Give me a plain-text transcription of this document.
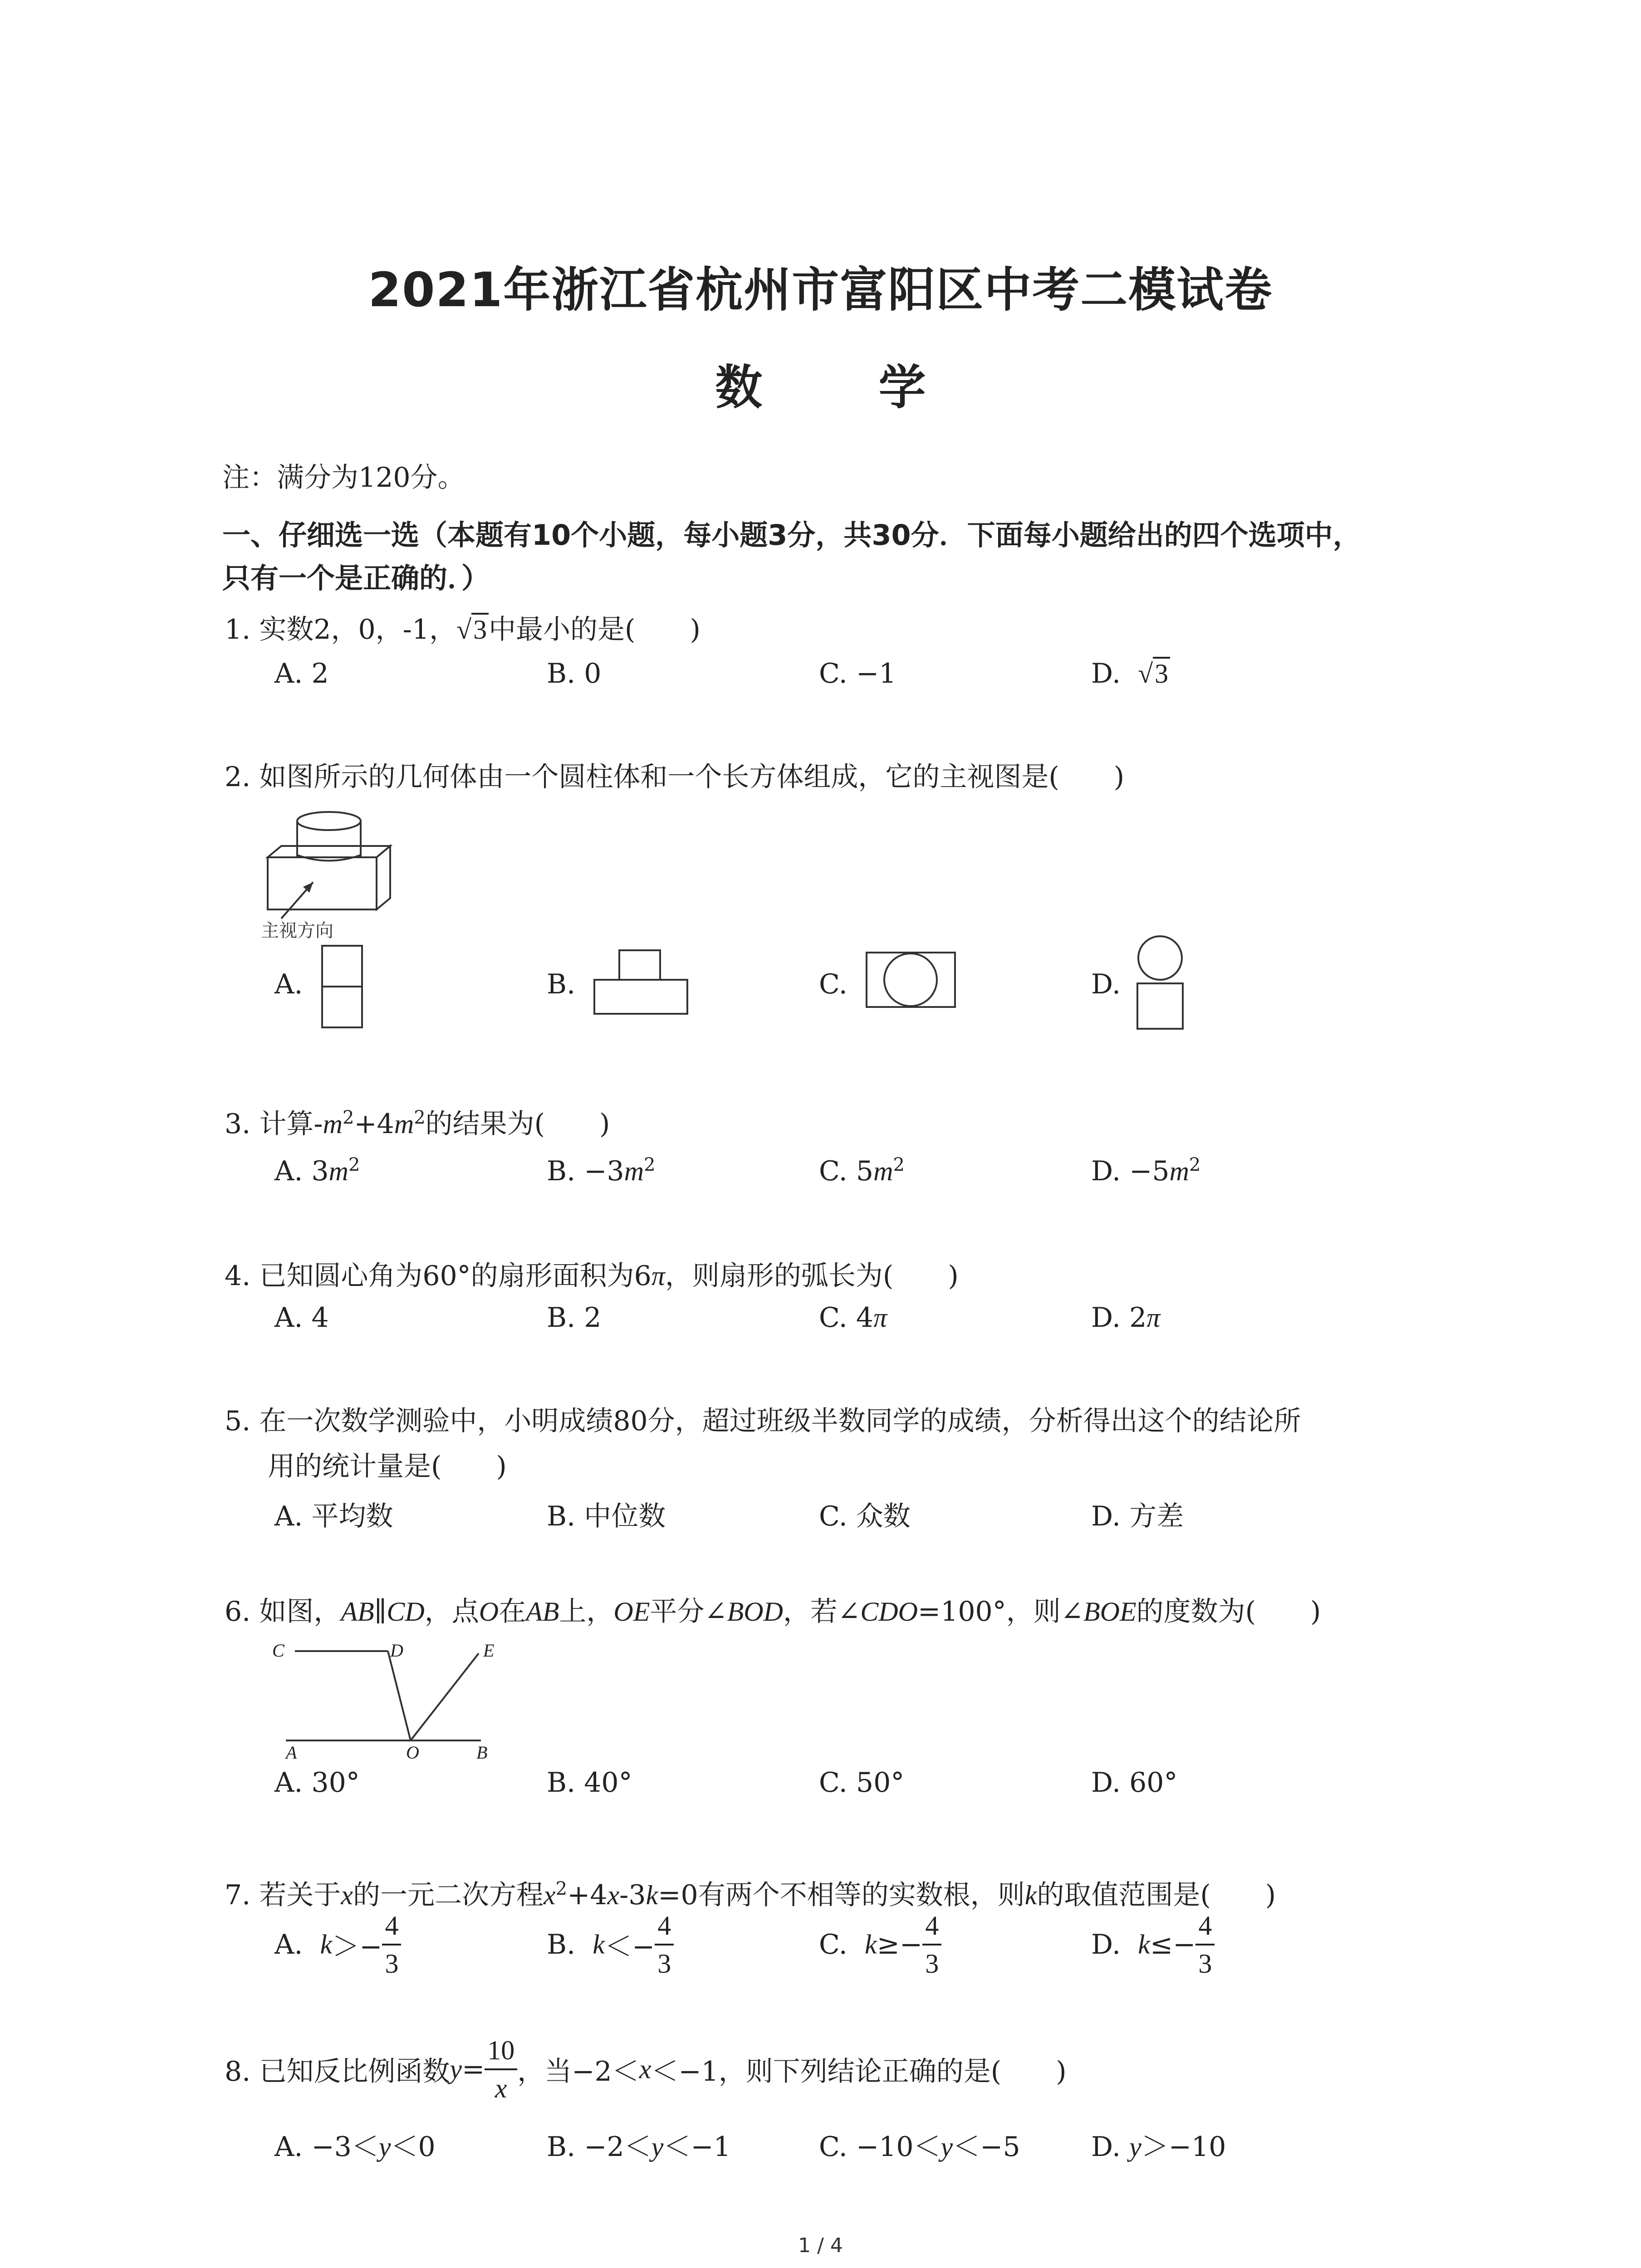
2021年浙江省杭州市富阳区中考二模试卷
数 学
注：满分为120分。
一、仔细选一选（本题有10个小题，每小题3分，共30分．下面每小题给出的四个选项中，
只有一个是正确的．）
1. 实数2，0，-1，√3中最小的是(　　)
A. 2	B. 0	C. −1	D. √3
2. 如图所示的几何体由一个圆柱体和一个长方体组成，它的主视图是(　　)
主视方向
A.	B.	C.	D.
3. 计算$-m^2+4m^2$的结果为(　　)
A. $3m^2$	B. $-3m^2$	C. $5m^2$	D. $-5m^2$
4. 已知圆心角为60°的扇形面积为6π，则扇形的弧长为(　　)
A. 4	B. 2	C. 4π	D. 2π
5. 在一次数学测验中，小明成绩80分，超过班级半数同学的成绩，分析得出这个的结论所
用的统计量是(　　)
A. 平均数	B. 中位数	C. 众数	D. 方差
6. 如图，AB∥CD，点O在AB上，OE平分∠BOD，若∠CDO=100°，则∠BOE的度数为(　　)
C	D	E
A	O	B
A. 30°	B. 40°	C. 50°	D. 60°
7. 若关于x的一元二次方程$x^2+4x-3k=0$有两个不相等的实数根，则k的取值范围是(　　)
A. $k>- \frac{4}{3}$	B. $k<- \frac{4}{3}$	C. $k\ge- \frac{4}{3}$	D. $k\le- \frac{4}{3}$
8. 已知反比例函数$y= \frac{10}{x}$ ，当−2＜x＜−1，则下列结论正确的是(　　)
A. −3＜y＜0	B. −2＜y＜−1	C. −10＜y＜−5	D. y＞−10
1 / 4
